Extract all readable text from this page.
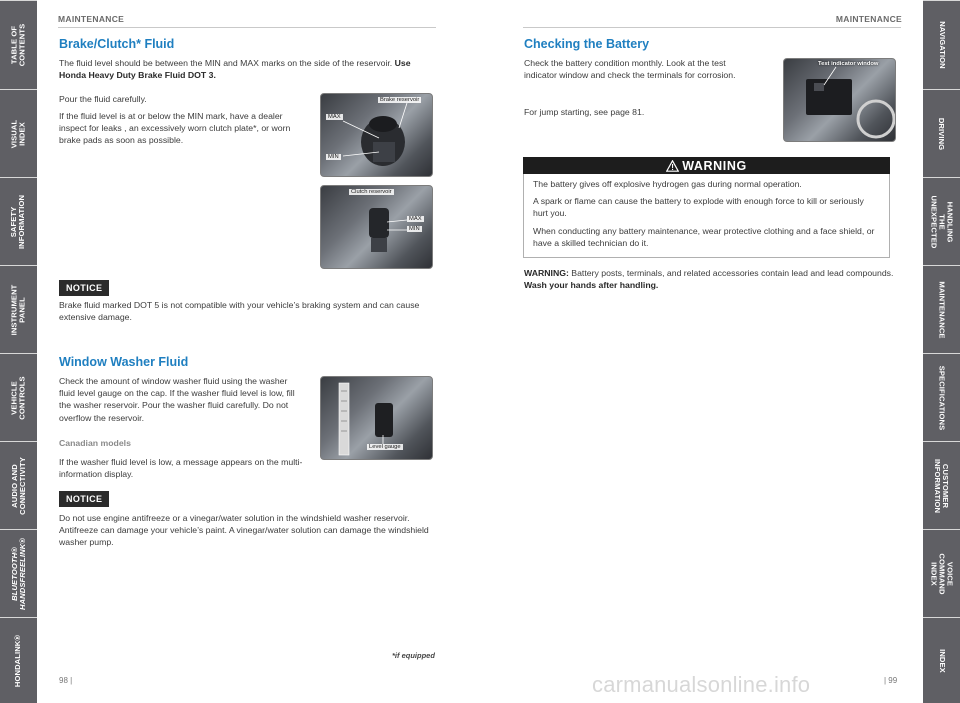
TABLE OF CONTENTS
VISUAL INDEX
SAFETY
INFORMATION
INSTRUMENT PANEL
VEHICLE
CONTROLS
AUDIO AND
CONNECTIVITY
BLUETOOTH®
HANDSFREELINK®
HONDALINK®
NAVIGATION
DRIVING
HANDLING THE
UNEXPECTED
MAINTENANCE
SPECIFICATIONS
CUSTOMER
INFORMATION
VOICE COMMAND
INDEX
INDEX
MAINTENANCE	MAINTENANCE
Brake/Clutch* Fluid

The fluid level should be between the MIN and MAX marks on the side of the reservoir. Use Honda Heavy Duty Brake Fluid DOT 3.

Pour the fluid carefully.

If the fluid level is at or below the MIN mark, have a dealer inspect for leaks , an excessively worn clutch plate*, or worn brake pads as soon as possible.

Brake reservoir
MAX
MIN
Clutch reservoir
MAX
MIN
NOTICE

Brake fluid marked DOT 5 is not compatible with your vehicle’s braking system and can cause extensive damage.

Window Washer Fluid

Check the amount of window washer fluid using the washer fluid level gauge on the cap. If the washer fluid level is low, fill the washer reservoir. Pour the washer fluid carefully. Do not overflow the reservoir.

Canadian models

If the washer fluid level is low, a message appears on the multi-information display.

Level gauge
NOTICE

Do not use engine antifreeze or a vinegar/water solution in the windshield washer reservoir. Antifreeze can damage your vehicle’s paint. A vinegar/water solution can damage the windshield washer pump.

Checking the Battery

Check the battery condition monthly. Look at the test indicator window and check the terminals for corrosion.

For jump starting, see page 81.

Test indicator window
WARNING

The battery gives off explosive hydrogen gas during normal operation.

A spark or flame can cause the battery to explode with enough force to kill or seriously hurt you.

When conducting any battery maintenance, wear protective clothing and a face shield, or have a skilled technician do it.

WARNING: Battery posts, terminals, and related accessories contain lead and lead compounds. Wash your hands after handling.

*if equipped
98 |	| 99
carmanualsonline.info
